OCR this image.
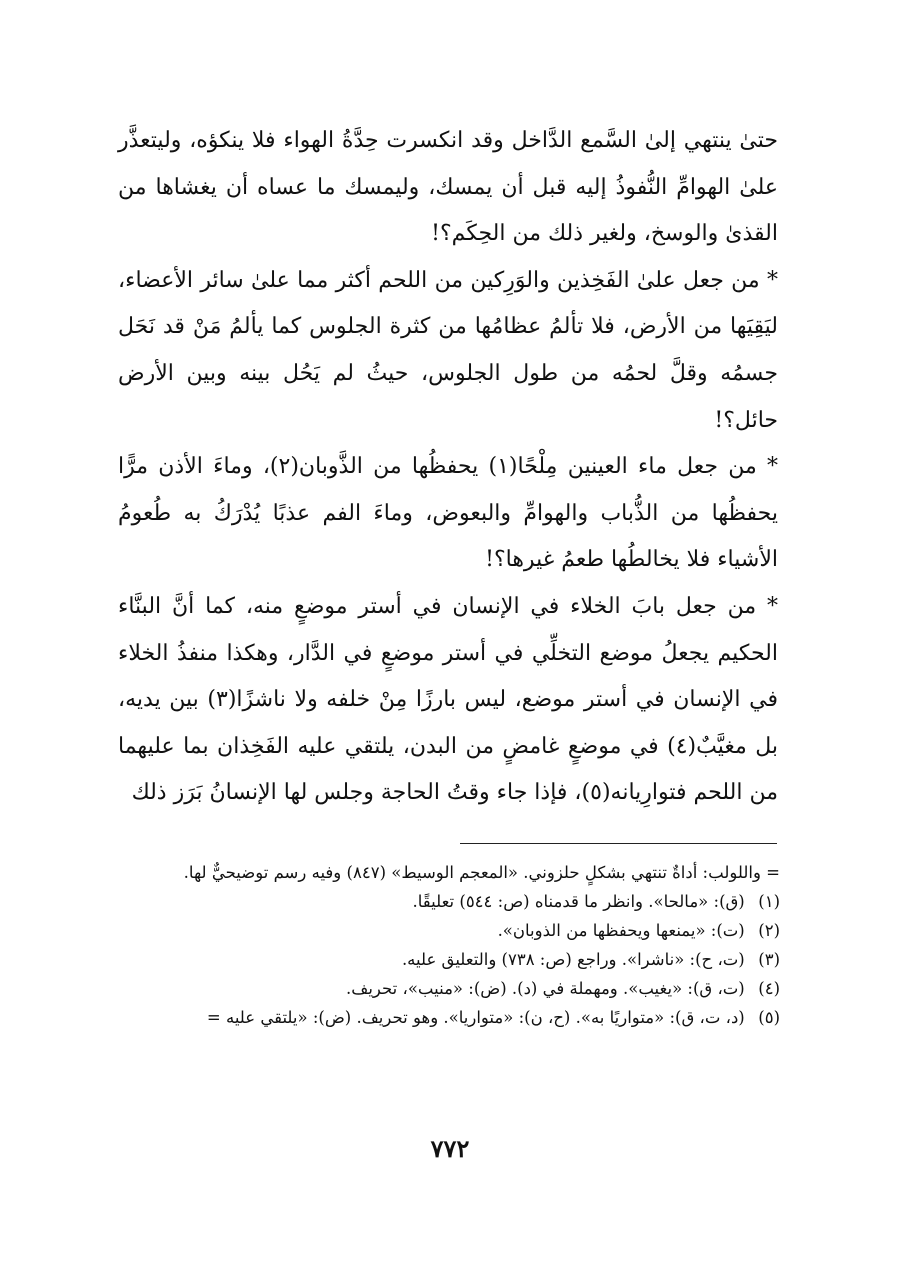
حتىٰ ينتهي إلىٰ السَّمع الدَّاخل وقد انكسرت حِدَّةُ الهواء فلا ينكؤه، وليتعذَّر علىٰ الهوامِّ النُّفوذُ إليه قبل أن يمسك، وليمسك ما عساه أن يغشاها من القذىٰ والوسخ، ولغير ذلك من الحِكَم؟!

* من جعل علىٰ الفَخِذين والوَرِكين من اللحم أكثر مما علىٰ سائر الأعضاء، ليَقِيَها من الأرض، فلا تألمُ عظامُها من كثرة الجلوس كما يألمُ مَنْ قد نَحَل جسمُه وقلَّ لحمُه من طول الجلوس، حيثُ لم يَحُل بينه وبين الأرض حائل؟!

* من جعل ماء العينين مِلْحًا(١) يحفظُها من الذَّوبان(٢)، وماءَ الأذن مرًّا يحفظُها من الذُّباب والهوامِّ والبعوض، وماءَ الفم عذبًا يُدْرَكُ به طُعومُ الأشياء فلا يخالطُها طعمُ غيرها؟!

* من جعل بابَ الخلاء في الإنسان في أستر موضعٍ منه، كما أنَّ البنَّاء الحكيم يجعلُ موضع التخلِّي في أستر موضعٍ في الدَّار، وهكذا منفذُ الخلاء في الإنسان في أستر موضع، ليس بارزًا مِنْ خلفه ولا ناشزًا(٣) بين يديه، بل مغيَّبٌ(٤) في موضعٍ غامضٍ من البدن، يلتقي عليه الفَخِذان بما عليهما من اللحم فتوارِيانه(٥)، فإذا جاء وقتُ الحاجة وجلس لها الإنسانُ بَرَز ذلك

= واللولب: أداةٌ تنتهي بشكلٍ حلزوني. «المعجم الوسيط» (٨٤٧) وفيه رسم توضيحيٌّ لها.

(١) (ق): «مالحا». وانظر ما قدمناه (ص: ٥٤٤) تعليقًا.

(٢) (ت): «يمنعها ويحفظها من الذوبان».

(٣) (ت، ح): «ناشرا». وراجع (ص: ٧٣٨) والتعليق عليه.

(٤) (ت، ق): «يغيب». ومهملة في (د). (ض): «منيب»، تحريف.

(٥) (د، ت، ق): «متواريًا به». (ح، ن): «متواريا». وهو تحريف. (ض): «يلتقي عليه =

٧٧٢
